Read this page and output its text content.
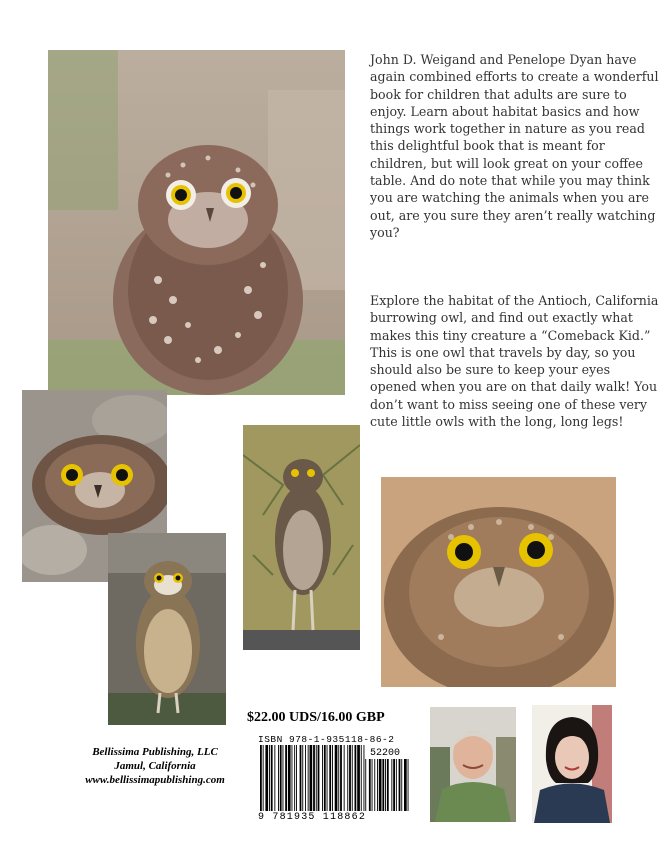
John D. Weigand and Penelope Dyan have again combined efforts to create a wonderful book for children that adults are sure to enjoy. Learn about habitat basics and how things work together in nature as you read this delightful book that is meant for children, but will look great on your coffee table. And do note that while you may think you are watching the animals when you are out, are you sure they aren’t really watching you?

Explore the habitat of the Antioch, California burrowing owl, and find out exactly what makes this tiny creature a “Comeback Kid.” This is one owl that travels by day, so you should also be sure to keep your eyes opened when you are on that daily walk! You don’t want to miss seeing one of these very cute little owls with the long, long legs!

$22.00 UDS/16.00 GBP
ISBN 978-1-935118-86-2
52200
9 781935 118862
Bellissima Publishing, LLC
Jamul, California
www.bellissimapublishing.com
